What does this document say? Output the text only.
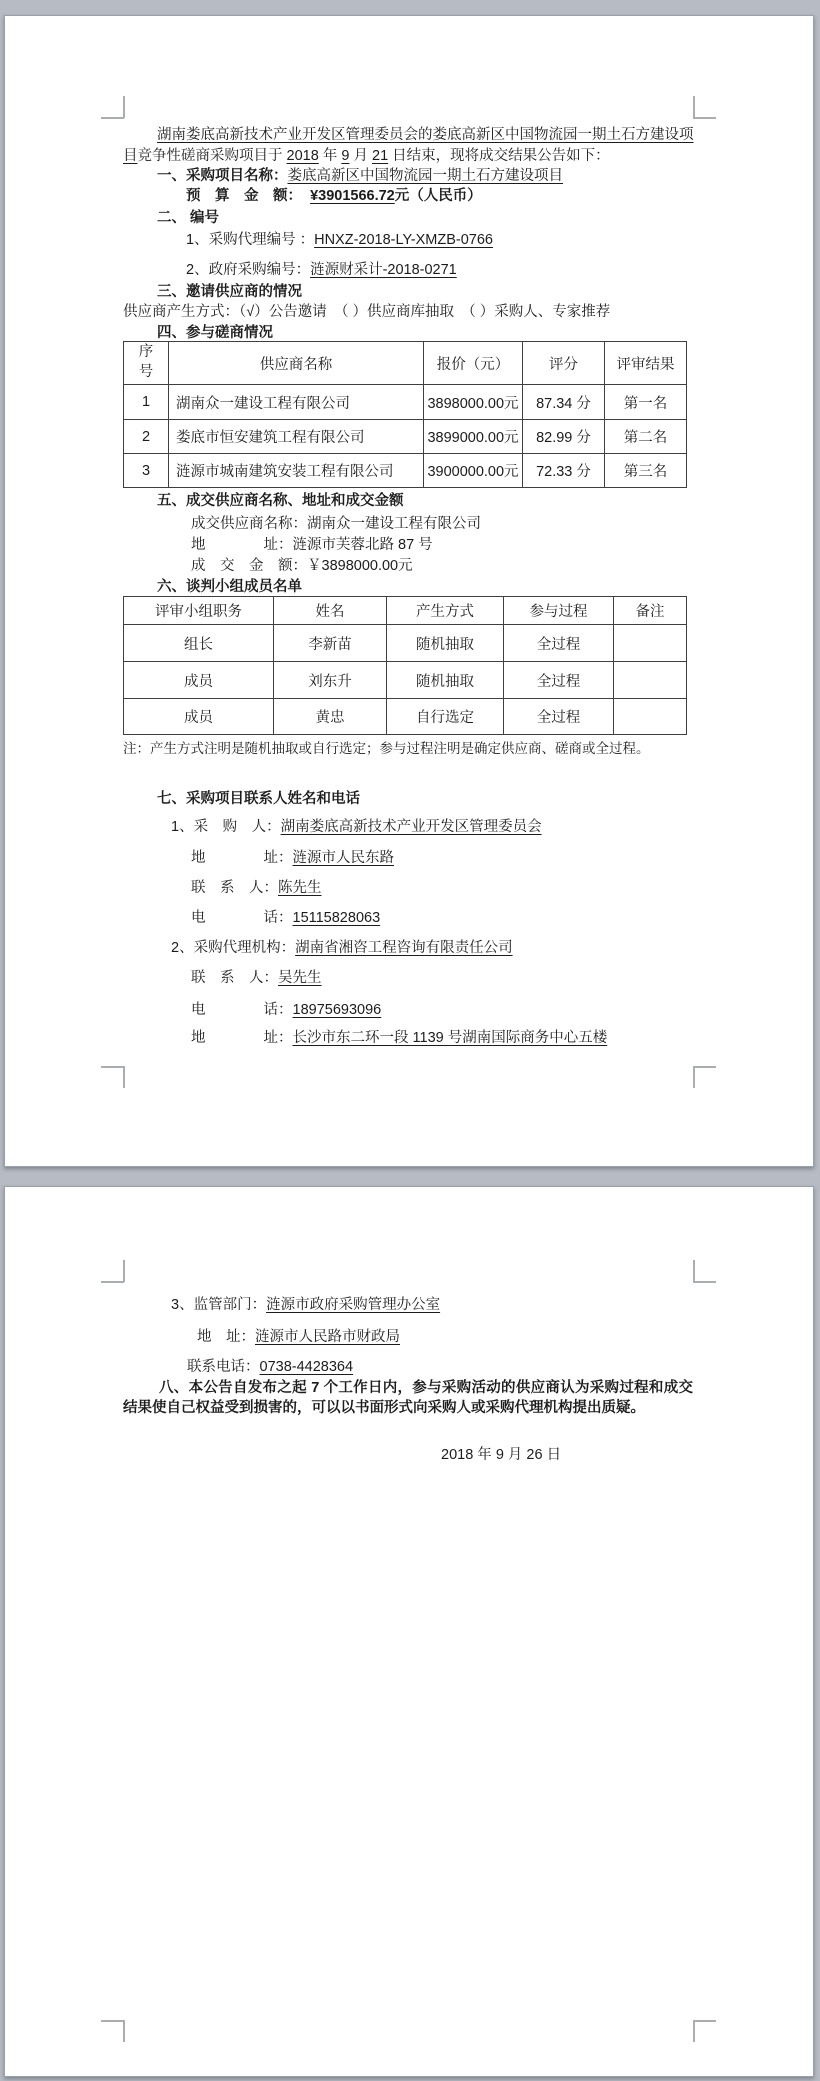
湖南娄底高新技术产业开发区管理委员会的娄底高新区中国物流园一期土石方建设项
目竞争性磋商采购项目于 2018 年 9 月 21 日结束，现将成交结果公告如下：
一、采购项目名称：娄底高新区中国物流园一期土石方建设项目
预　算　金　额：  ¥3901566.72元（人民币）
二、 编号
1、采购代理编号 ：HNXZ-2018-LY-XMZB-0766
2、政府采购编号：涟源财采计-2018-0271
三、邀请供应商的情况
供应商产生方式：（√）公告邀请　（ ）供应商库抽取　（ ）采购人、专家推荐
四、参与磋商情况
序号	供应商名称	报价（元）	评分	评审结果
1	湖南众一建设工程有限公司	3898000.00元	87.34 分	第一名
2	娄底市恒安建筑工程有限公司	3899000.00元	82.99 分	第二名
3	涟源市城南建筑安装工程有限公司	3900000.00元	72.33 分	第三名
五、成交供应商名称、地址和成交金额
成交供应商名称：湖南众一建设工程有限公司
地　　　　址：涟源市芙蓉北路 87 号
成　交　金　额：￥3898000.00元
六、谈判小组成员名单
评审小组职务	姓名	产生方式	参与过程	备注
组长	李新苗	随机抽取	全过程	
成员	刘东升	随机抽取	全过程	
成员	黄忠	自行选定	全过程	
注：产生方式注明是随机抽取或自行选定；参与过程注明是确定供应商、磋商或全过程。
七、采购项目联系人姓名和电话
1、采　购　人：湖南娄底高新技术产业开发区管理委员会
地　　　　址：涟源市人民东路
联　系　人：陈先生
电　　　　话：15115828063
2、采购代理机构：湖南省湘咨工程咨询有限责任公司
联　系　人：吴先生
电　　　　话：18975693096
地　　　　址：长沙市东二环一段 1139 号湖南国际商务中心五楼
3、监管部门：涟源市政府采购管理办公室
地　址：涟源市人民路市财政局
联系电话：0738-4428364
八、本公告自发布之起 7 个工作日内，参与采购活动的供应商认为采购过程和成交结果使自己权益受到损害的，可以以书面形式向采购人或采购代理机构提出质疑。
2018 年 9 月 26 日
